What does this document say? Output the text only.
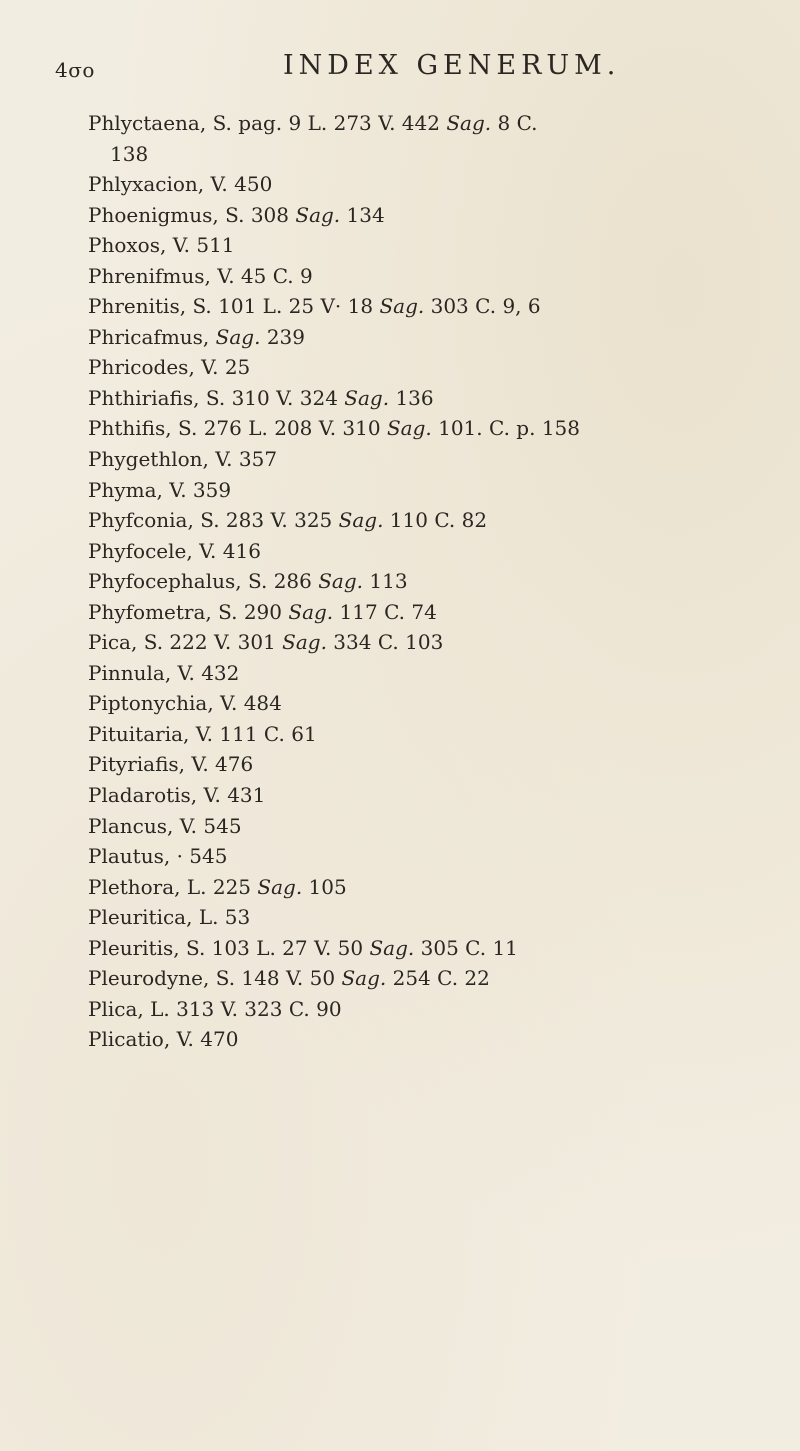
4σo	INDEX GENERUM.
Phlyctaena, S. pag. 9 L. 273 V. 442 Sag. 8 C.
138
Phlyxacion, V. 450
Phoenigmus, S. 308 Sag. 134
Phoxos, V. 511
Phrenifmus, V. 45 C. 9
Phrenitis, S. 101 L. 25 V· 18 Sag. 303 C. 9, 6
Phricafmus, Sag. 239
Phricodes, V. 25
Phthiriafis, S. 310 V. 324 Sag. 136
Phthifis, S. 276 L. 208 V. 310 Sag. 101. C. p. 158
Phygethlon, V. 357
Phyma, V. 359
Phyfconia, S. 283 V. 325 Sag. 110 C. 82
Phyfocele, V. 416
Phyfocephalus, S. 286 Sag. 113
Phyfometra, S. 290 Sag. 117 C. 74
Pica, S. 222 V. 301 Sag. 334 C. 103
Pinnula, V. 432
Piptonychia, V. 484
Pituitaria, V. 111 C. 61
Pityriafis, V. 476
Pladarotis, V. 431
Plancus, V. 545
Plautus, · 545
Plethora, L. 225 Sag. 105
Pleuritica, L. 53
Pleuritis, S. 103 L. 27 V. 50 Sag. 305 C. 11
Pleurodyne, S. 148 V. 50 Sag. 254 C. 22
Plica, L. 313 V. 323 C. 90
Plicatio, V. 470
